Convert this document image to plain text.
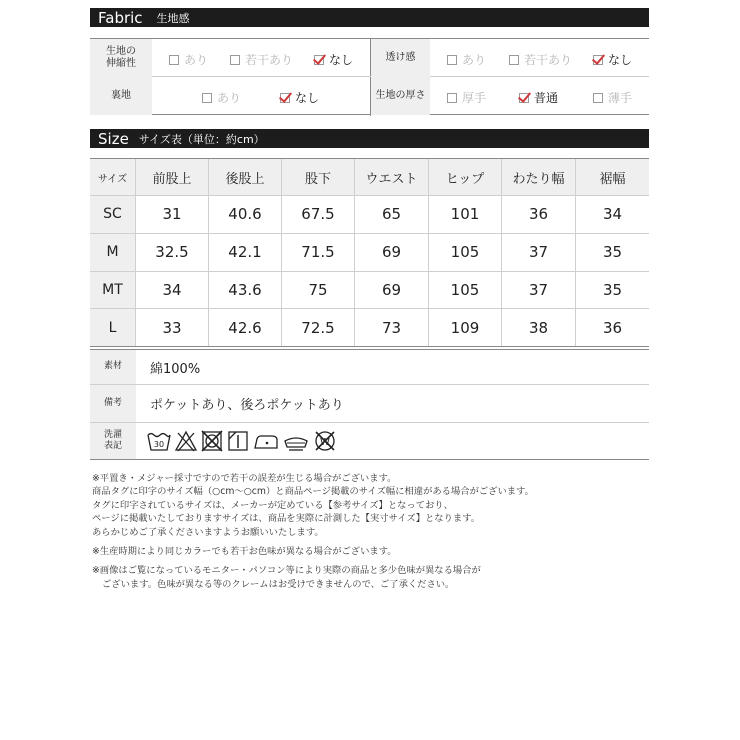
Fabric 生地感
生地の
伸縮性	あり	若干あり	なし	透け感	あり	若干あり	なし
裏地	あり	なし	生地の厚さ	厚手	普通	薄手
Size サイズ表（単位：約cm）
サイズ	前股上	後股上	股下	ウエスト	ヒップ	わたり幅	裾幅
SC	31	40.6	67.5	65	101	36	34
M	32.5	42.1	71.5	69	105	37	35
MT	34	43.6	75	69	105	37	35
L	33	42.6	72.5	73	109	38	36
素材	綿100%
備考	ポケットあり、後ろポケットあり
洗濯
表記	30	W

※平置き・メジャー採寸ですので若干の誤差が生じる場合がございます。

商品タグに印字のサイズ幅（○cm〜○cm）と商品ページ掲載のサイズ幅に相違がある場合がございます。

タグに印字されているサイズは、メーカーが定めている【参考サイズ】となっており、

ページに掲載いたしておりますサイズは、商品を実際に計測した【実寸サイズ】となります。

あらかじめご了承くださいますようお願いいたします。

※生産時期により同じカラーでも若干お色味が異なる場合がございます。

※画像はご覧になっているモニター・パソコン等により実際の商品と多少色味が異なる場合が

ございます。色味が異なる等のクレームはお受けできませんので、ご了承ください。
